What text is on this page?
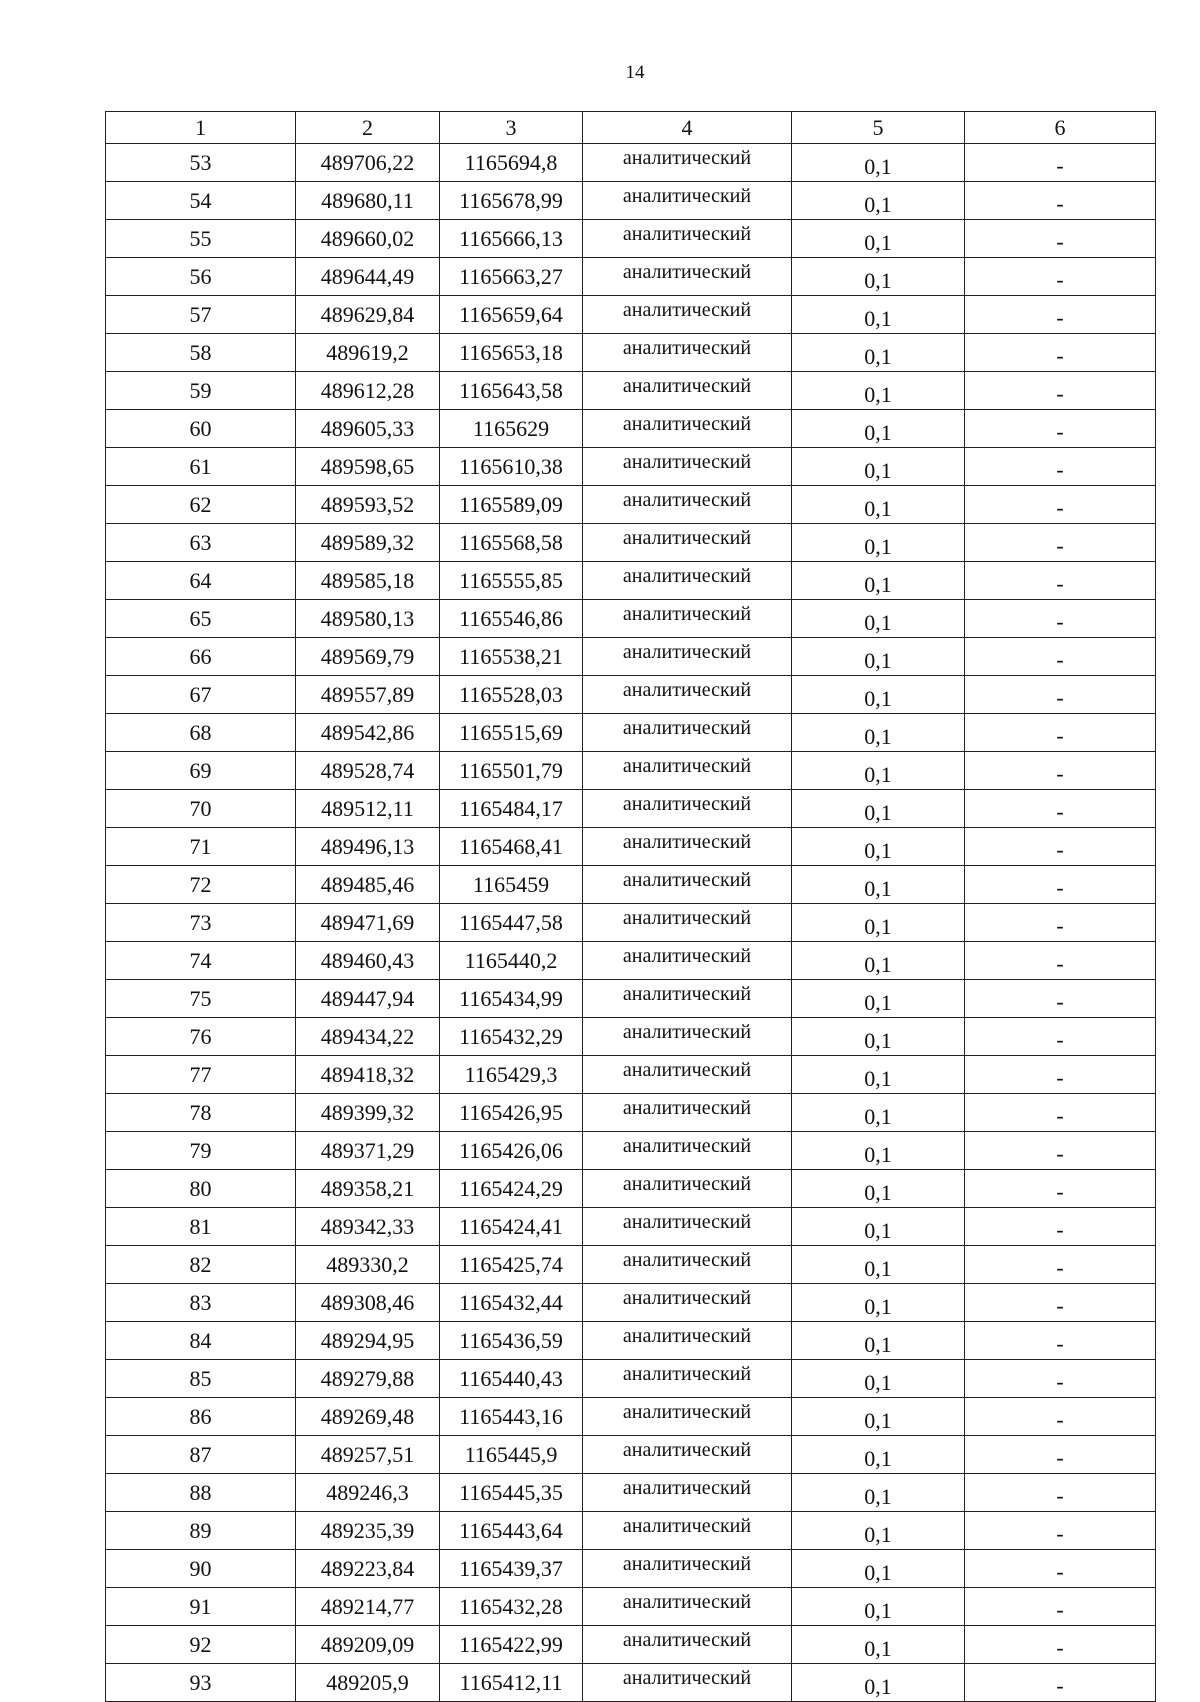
14
1	2	3	4	5	6
53	489706,22	1165694,8	аналитический	0,1	-
54	489680,11	1165678,99	аналитический	0,1	-
55	489660,02	1165666,13	аналитический	0,1	-
56	489644,49	1165663,27	аналитический	0,1	-
57	489629,84	1165659,64	аналитический	0,1	-
58	489619,2	1165653,18	аналитический	0,1	-
59	489612,28	1165643,58	аналитический	0,1	-
60	489605,33	1165629	аналитический	0,1	-
61	489598,65	1165610,38	аналитический	0,1	-
62	489593,52	1165589,09	аналитический	0,1	-
63	489589,32	1165568,58	аналитический	0,1	-
64	489585,18	1165555,85	аналитический	0,1	-
65	489580,13	1165546,86	аналитический	0,1	-
66	489569,79	1165538,21	аналитический	0,1	-
67	489557,89	1165528,03	аналитический	0,1	-
68	489542,86	1165515,69	аналитический	0,1	-
69	489528,74	1165501,79	аналитический	0,1	-
70	489512,11	1165484,17	аналитический	0,1	-
71	489496,13	1165468,41	аналитический	0,1	-
72	489485,46	1165459	аналитический	0,1	-
73	489471,69	1165447,58	аналитический	0,1	-
74	489460,43	1165440,2	аналитический	0,1	-
75	489447,94	1165434,99	аналитический	0,1	-
76	489434,22	1165432,29	аналитический	0,1	-
77	489418,32	1165429,3	аналитический	0,1	-
78	489399,32	1165426,95	аналитический	0,1	-
79	489371,29	1165426,06	аналитический	0,1	-
80	489358,21	1165424,29	аналитический	0,1	-
81	489342,33	1165424,41	аналитический	0,1	-
82	489330,2	1165425,74	аналитический	0,1	-
83	489308,46	1165432,44	аналитический	0,1	-
84	489294,95	1165436,59	аналитический	0,1	-
85	489279,88	1165440,43	аналитический	0,1	-
86	489269,48	1165443,16	аналитический	0,1	-
87	489257,51	1165445,9	аналитический	0,1	-
88	489246,3	1165445,35	аналитический	0,1	-
89	489235,39	1165443,64	аналитический	0,1	-
90	489223,84	1165439,37	аналитический	0,1	-
91	489214,77	1165432,28	аналитический	0,1	-
92	489209,09	1165422,99	аналитический	0,1	-
93	489205,9	1165412,11	аналитический	0,1	-
